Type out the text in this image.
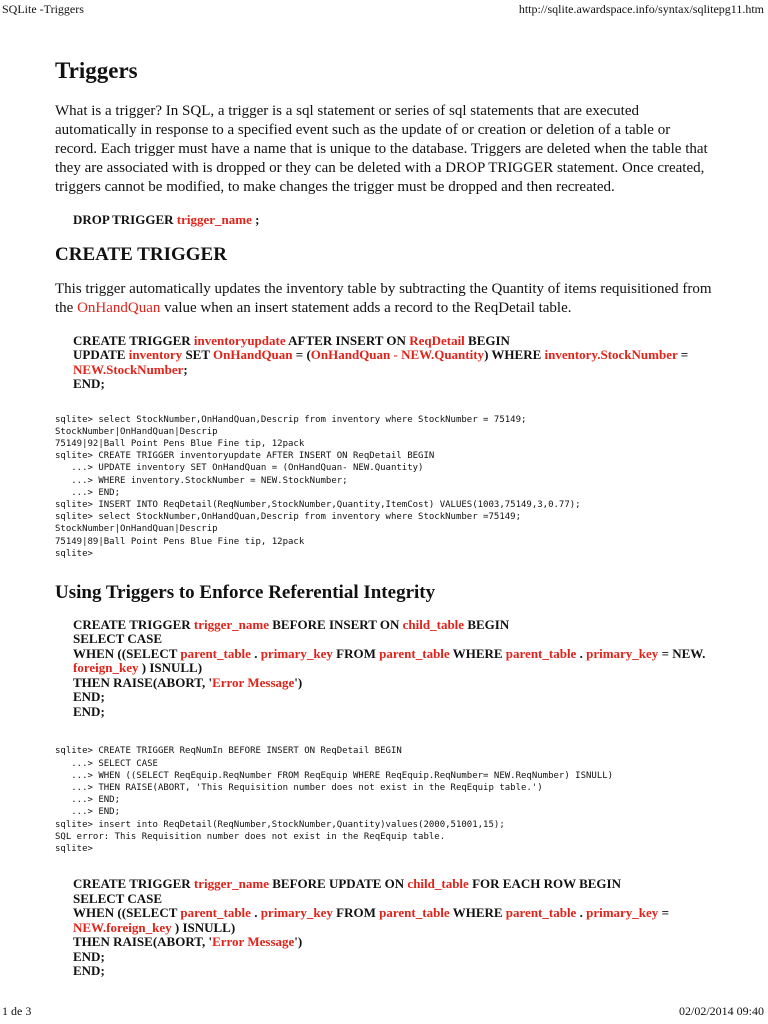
SQLite -Triggers	http://sqlite.awardspace.info/syntax/sqlitepg11.htm
Triggers

What is a trigger? In SQL, a trigger is a sql statement or series of sql statements that are executed automatically in response to a specified event such as the update of or creation or deletion of a table or record. Each trigger must have a name that is unique to the database. Triggers are deleted when the table that they are associated with is dropped or they can be deleted with a DROP TRIGGER statement. Once created, triggers cannot be modified, to make changes the trigger must be dropped and then recreated.

DROP TRIGGER trigger_name ;
CREATE TRIGGER

This trigger automatically updates the inventory table by subtracting the Quantity of items requisitioned from the OnHandQuan value when an insert statement adds a record to the ReqDetail table.

CREATE TRIGGER inventoryupdate AFTER INSERT ON ReqDetail BEGIN
UPDATE inventory SET OnHandQuan = (OnHandQuan - NEW.Quantity) WHERE inventory.StockNumber =
NEW.StockNumber;
END;
sqlite> select StockNumber,OnHandQuan,Descrip from inventory where StockNumber = 75149;
StockNumber|OnHandQuan|Descrip
75149|92|Ball Point Pens Blue Fine tip, 12pack
sqlite> CREATE TRIGGER inventoryupdate AFTER INSERT ON ReqDetail BEGIN
...> UPDATE inventory SET OnHandQuan = (OnHandQuan- NEW.Quantity)
...> WHERE inventory.StockNumber = NEW.StockNumber;
...> END;
sqlite> INSERT INTO ReqDetail(ReqNumber,StockNumber,Quantity,ItemCost) VALUES(1003,75149,3,0.77);
sqlite> select StockNumber,OnHandQuan,Descrip from inventory where StockNumber =75149;
StockNumber|OnHandQuan|Descrip
75149|89|Ball Point Pens Blue Fine tip, 12pack
sqlite>
Using Triggers to Enforce Referential Integrity
CREATE TRIGGER trigger_name BEFORE INSERT ON child_table BEGIN
SELECT CASE
WHEN ((SELECT parent_table . primary_key FROM parent_table WHERE parent_table . primary_key = NEW.
foreign_key ) ISNULL)
THEN RAISE(ABORT, 'Error Message')
END;
END;
sqlite> CREATE TRIGGER ReqNumIn BEFORE INSERT ON ReqDetail BEGIN
...> SELECT CASE
...> WHEN ((SELECT ReqEquip.ReqNumber FROM ReqEquip WHERE ReqEquip.ReqNumber= NEW.ReqNumber) ISNULL)
...> THEN RAISE(ABORT, 'This Requisition number does not exist in the ReqEquip table.')
...> END;
...> END;
sqlite> insert into ReqDetail(ReqNumber,StockNumber,Quantity)values(2000,51001,15);
SQL error: This Requisition number does not exist in the ReqEquip table.
sqlite>
CREATE TRIGGER trigger_name BEFORE UPDATE ON child_table FOR EACH ROW BEGIN
SELECT CASE
WHEN ((SELECT parent_table . primary_key FROM parent_table WHERE parent_table . primary_key =
NEW.foreign_key ) ISNULL)
THEN RAISE(ABORT, 'Error Message')
END;
END;
1 de 3	02/02/2014 09:40
